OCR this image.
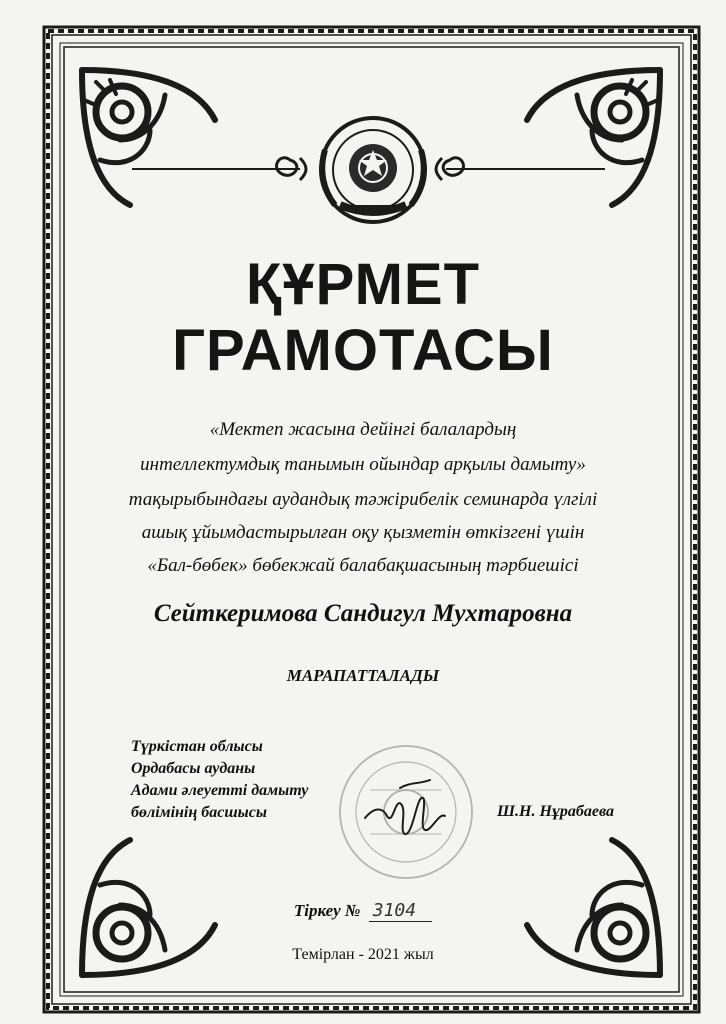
ҚҰРМЕТ
ГРАМОТАСЫ
«Мектеп жасына дейінгі балалардың
интеллектумдық танымын ойындар арқылы дамыту»
тақырыбындағы аудандық тәжірибелік семинарда үлгілі
ашық ұйымдастырылған оқу қызметін өткізгені үшін
«Бал-бөбек» бөбекжай балабақшасының тәрбиешісі
Сейткеримова Сандигул Мухтаровна
МАРАПАТТАЛАДЫ
Түркістан облысы
Ордабасы ауданы
Адами әлеуетті дамыту
бөлімінің басшысы	Ш.Н. Нұрабаева
Тіркеу № 3104
Темірлан - 2021 жыл
